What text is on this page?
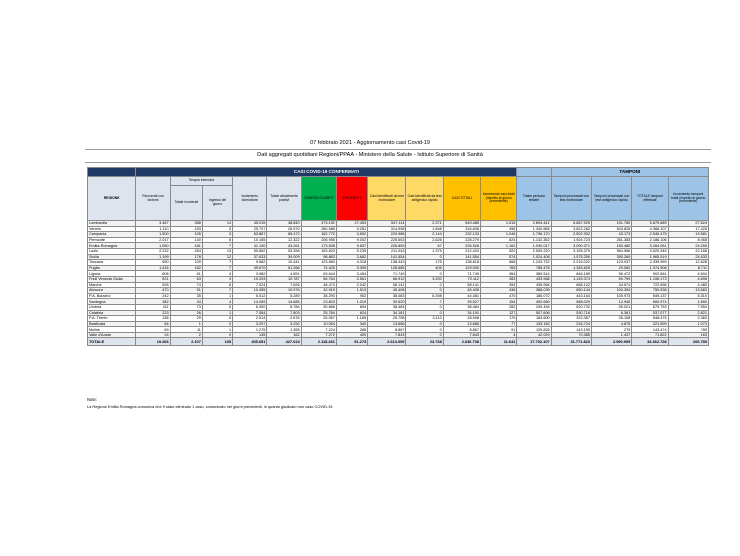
07 febbraio 2021 - Aggiornamento casi Covid-19
Dati aggregati quotidiani Regioni/PPAA - Ministero della Salute - Istituto Superiore di Sanità
	CASI COVID-19 CONFERMATI												TAMPONI			
REGIONE	Ricoverati con sintomi	Terapia intensiva		Isolamento domiciliare	Totale attualmente positivi	DIMESSI GUARITI	DECEDUTI	Casi identificati da test molecolare	Casi identificati da test antigenico rapido	CASI TOTALI	Incremento casi totali (rispetto al giorno precedente)	Totale persone testate	Tamponi processati con test molecolare	Tamponi processati con test antigenico rapido	TOTALE tamponi effettuati	Incremento tamponi totali (rispetto al giorno precedente)
		Totale ricoverati	Ingressi del giorno													
Lombardia	3.467	358	14	45.015	48.840	473.192	27.453	547.114	2.371	549.485	1.515	2.894.441	5.687.929	191.760	5.879.689	27.624
Veneto	1.110	153	3	25.707	26.970	280.585	9.281	314.998	1.848	316.836	496	1.340.565	3.822.282	543.825	4.366.107	17.425
Campania	1.500	105	3	63.867	65.472	162.770	3.892	229.988	2.144	232.133	1.046	1.796.170	2.502.302	43.173	2.545.475	19.581
Piemonte	2.017	140	6	10.165	12.322	206.955	9.002	225.653	2.626	228.279	624	1.132.352	1.924.723	261.383	2.186.106	8.068
Emilia-Romagna	1.950	181	7	41.130	43.261	173.828	9.837	226.859	67	226.926	1.162	1.030.017	3.090.371	183.480	3.264.051	24.255
Lazio	2.232	264	13	50.862	53.358	153.823	5.239	211.043	1.379	212.420	920	2.500.220	3.155.379	564.966	3.520.345	22.166
Sicilia	1.199	178	12	37.633	39.009	98.863	3.682	141.554	0	141.554	574	1.024.408	1.575.259	390.260	1.965.519	24.633
Toscana	650	109	7	9.682	10.441	123.860	4.318	138.443	175	138.618	668	1.243.732	2.216.022	123.937	2.339.959	12.628
Puglia	1.434	162	7	49.670	51.266	74.425	3.399	128.685	405	129.090	765	785.476	1.345.826	29.082	1.374.908	8.711
Liguria	608	61	3	3.982	4.651	63.644	3.454	71.749	0	71.749	364	389.514	846.189	56.472	902.661	4.604
Friuli Venezia Giulia	521	63	3	10.203	10.787	56.764	2.561	66.912	3.200	70.112	283	433.968	1.145.374	50.799	1.196.173	4.696
Marche	528	74	6	7.024	7.626	48.473	2.042	58.141	0	58.141	394	435.964	688.122	34.574	722.696	4.480
Abruzzo	470	51	7	10.455	10.976	32.919	1.513	45.408	0	45.408	436	388.039	650.144	100.394	750.538	13.583
P.A. Bolzano	242	35	1	5.012	5.289	38.290	902	38.083	6.398	44.481	470	186.072	443.164	105.973	549.137	5.310
Sardegna	382	34	4	14.269	14.685	23.823	1.019	39.520	7	39.527	154	492.669	588.029	12.945	600.974	1.890
Umbria	411	73	5	6.300	6.784	30.866	834	38.484	0	38.484	282	249.454	620.732	59.021	679.753	7.954
Calabria	223	26	1	7.554	7.803	25.784	624	34.181	0	34.191	127	507.606	530.716	6.361	537.077	2.821
P.A. Trento	136	29	0	2.514	2.676	25.067	1.165	25.798	3.110	28.908	179	163.600	322.367	26.108	548.475	2.363
Basilicata	84	1	0	3.207	3.292	10.054	340	13.686	0	13.686	77	133.162	216.724	4.875	221.599	1.073
Molise	69	11	1	1.275	1.355	7.224	288	8.867	0	8.867	91	129.826	143.195	279	143.474	789
Valle d'Aosta	24	2	0	135	162	7.272	409	7.843	0	7.843	4	42.029	70.385	1.437	71.822	163
TOTALE	19.266	2.107	105	405.651	427.024	2.118.461	91.273	2.613.009	23.738	2.636.738	11.641	17.702.107	31.771.823	2.590.905	34.362.728	206.789
Note:
La Regione Emilia Romagna comunica che 9 stato eliminato 1 caso, comunicato nei giorni precedenti, in quanto giudicato non caso COVID-19.
